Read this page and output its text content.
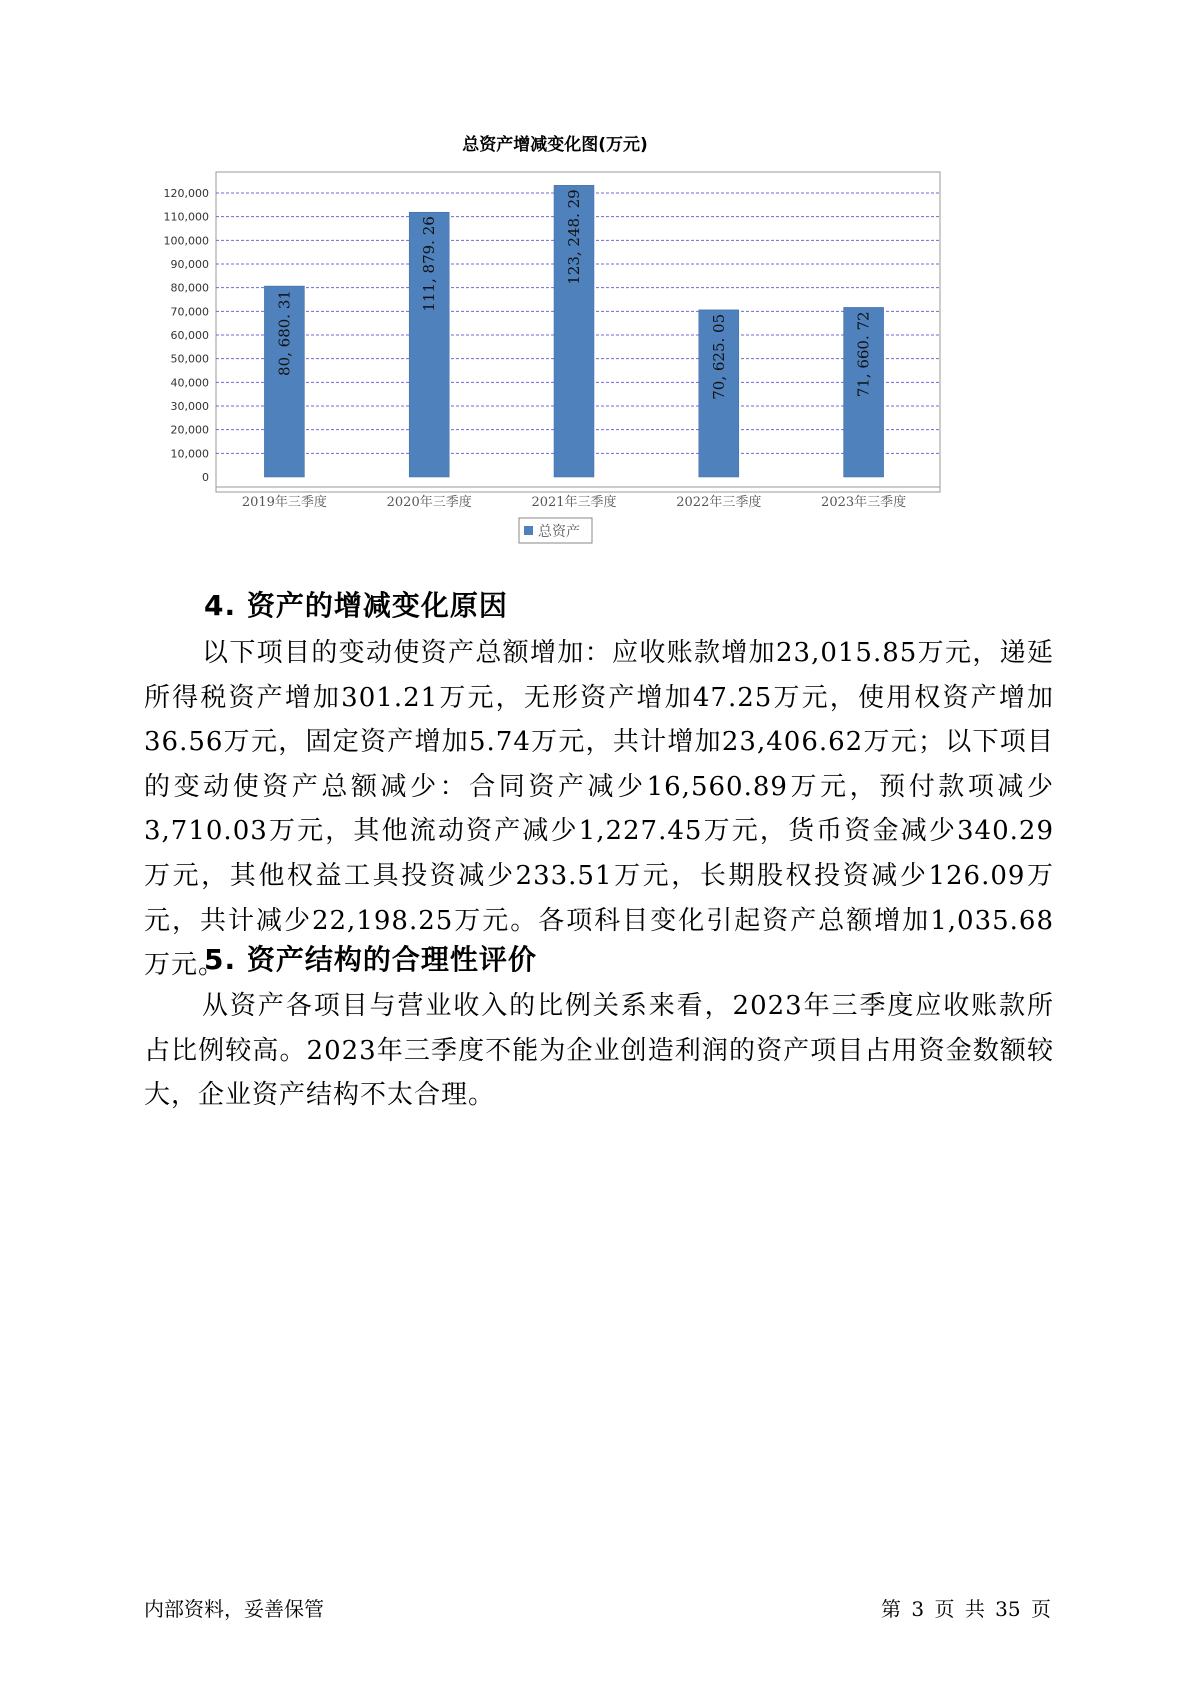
总资产增减变化图(万元)
0
10,000
20,000
30,000
40,000
50,000
60,000
70,000
80,000
90,000
100,000
110,000
120,000
80, 680. 31
111, 879. 26	123, 248. 29
70, 625. 05	71, 660. 72
2019年三季度	2020年三季度	2021年三季度	2022年三季度	2023年三季度
总资产
4. 资产的增减变化原因

以下项目的变动使资产总额增加：应收账款增加23,015.85万元，递延所得税资产增加301.21万元，无形资产增加47.25万元，使用权资产增加36.56万元，固定资产增加5.74万元，共计增加23,406.62万元；以下项目的变动使资产总额减少：合同资产减少16,560.89万元，预付款项减少3,710.03万元，其他流动资产减少1,227.45万元，货币资金减少340.29万元，其他权益工具投资减少233.51万元，长期股权投资减少126.09万元，共计减少22,198.25万元。各项科目变化引起资产总额增加1,035.68万元。

5. 资产结构的合理性评价

从资产各项目与营业收入的比例关系来看，2023年三季度应收账款所占比例较高。2023年三季度不能为企业创造利润的资产项目占用资金数额较大，企业资产结构不太合理。

内部资料，妥善保管	第 3 页 共 35 页
